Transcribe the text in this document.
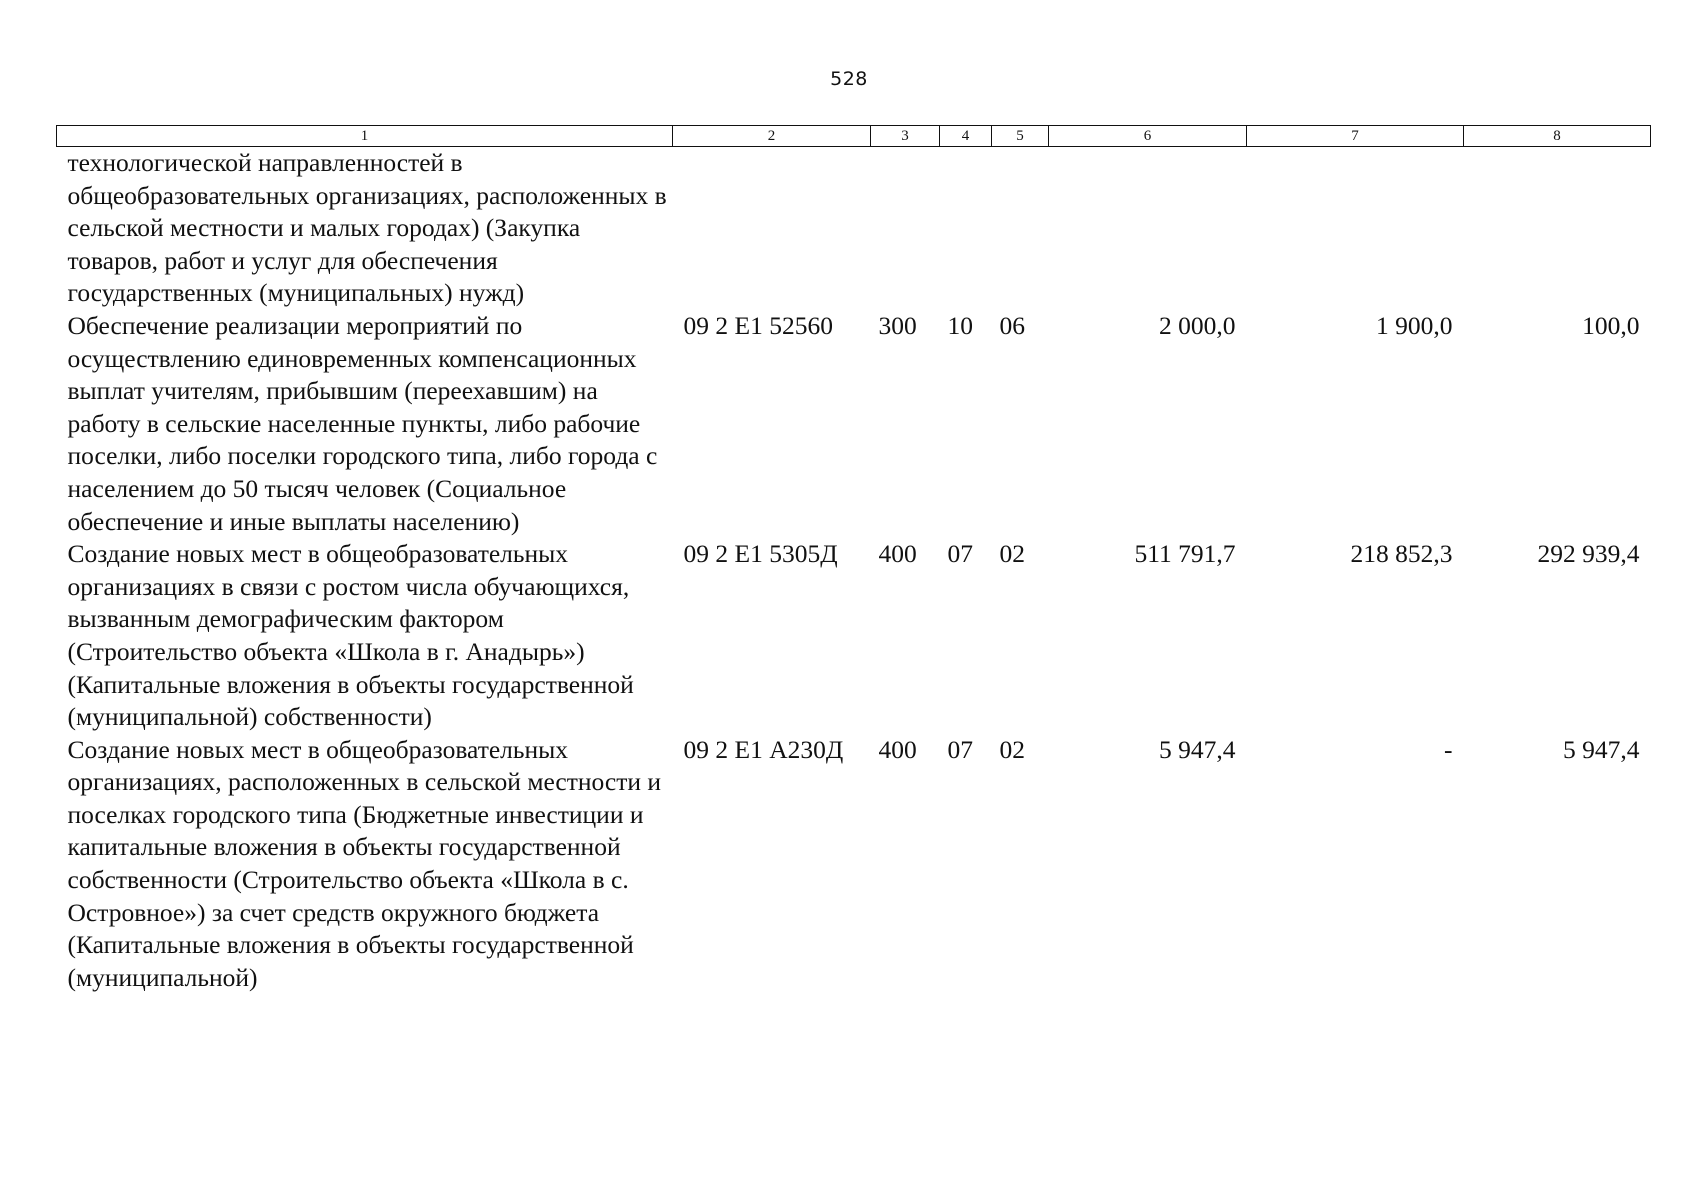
528
1	2	3	4	5	6	7	8
технологической направленностей в общеобразовательных организациях, расположенных в сельской местности и малых городах) (Закупка товаров, работ и услуг для обеспечения государственных (муниципальных) нужд)							
Обеспечение реализации мероприятий по осуществлению единовременных компенсационных выплат учителям, прибывшим (переехавшим) на работу в сельские населенные пункты, либо рабочие поселки, либо поселки городского типа, либо города с населением до 50 тысяч человек (Социальное обеспечение и иные выплаты населению)	09 2 E1 52560	300	10	06	2 000,0	1 900,0	100,0
Создание новых мест в общеобразовательных организациях в связи с ростом числа обучающихся, вызванным демографическим фактором (Строительство объекта «Школа в г. Анадырь») (Капитальные вложения в объекты государственной (муниципальной) собственности)	09 2 E1 5305Д	400	07	02	511 791,7	218 852,3	292 939,4
Создание новых мест в общеобразовательных организациях, расположенных в сельской местности и поселках городского типа (Бюджетные инвестиции и капитальные вложения в объекты государственной собственности (Строительство объекта «Школа в с. Островное») за счет средств окружного бюджета (Капитальные вложения в объекты государственной (муниципальной)	09 2 E1 А230Д	400	07	02	5 947,4	-	5 947,4
